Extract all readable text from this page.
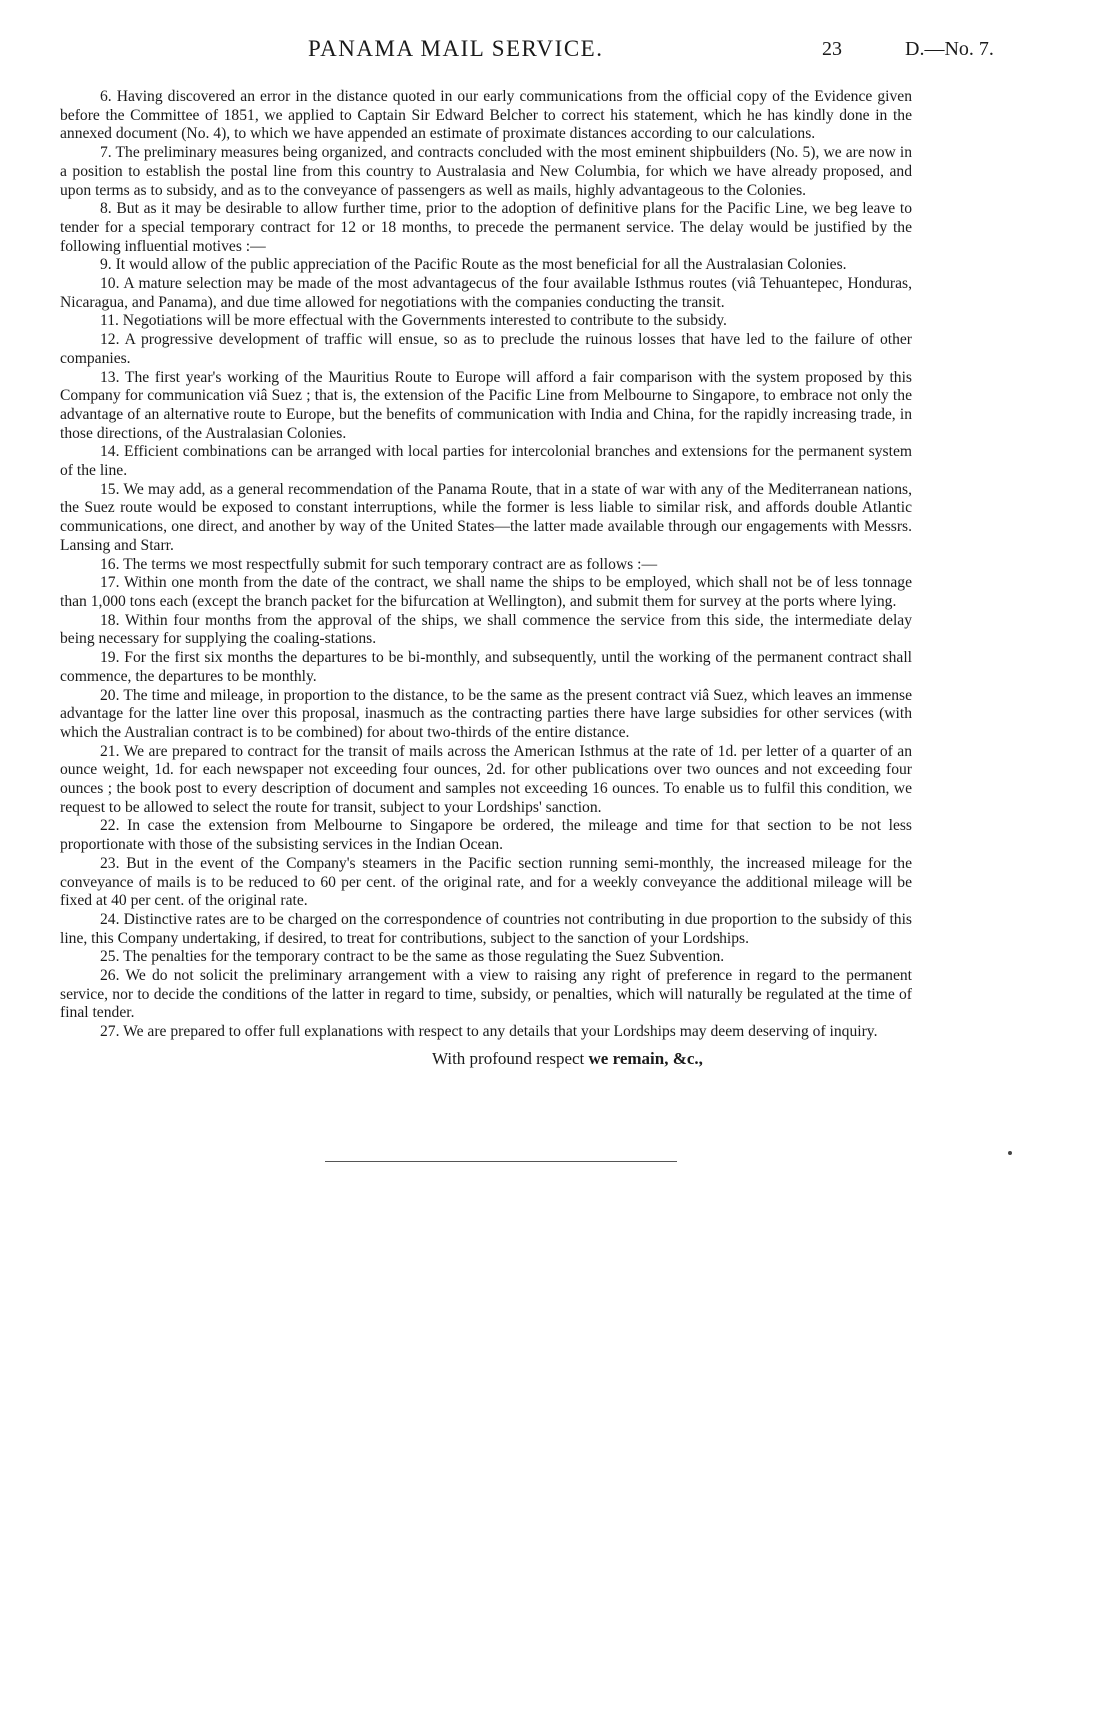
PANAMA MAIL SERVICE.	23

6. Having discovered an error in the distance quoted in our early communications from the official copy of the Evidence given before the Committee of 1851, we applied to Captain Sir Edward Belcher to correct his statement, which he has kindly done in the annexed document (No. 4), to which we have appended an estimate of proximate distances according to our calculations.

7. The preliminary measures being organized, and contracts concluded with the most eminent shipbuilders (No. 5), we are now in a position to establish the postal line from this country to Australasia and New Columbia, for which we have already proposed, and upon terms as to subsidy, and as to the conveyance of passengers as well as mails, highly advantageous to the Colonies.

8. But as it may be desirable to allow further time, prior to the adoption of definitive plans for the Pacific Line, we beg leave to tender for a special temporary contract for 12 or 18 months, to precede the permanent service. The delay would be justified by the following influential motives :—

9. It would allow of the public appreciation of the Pacific Route as the most beneficial for all the Australasian Colonies.

10. A mature selection may be made of the most advantagecus of the four available Isthmus routes (viâ Tehuantepec, Honduras, Nicaragua, and Panama), and due time allowed for negotiations with the companies conducting the transit.

11. Negotiations will be more effectual with the Governments interested to contribute to the subsidy.

12. A progressive development of traffic will ensue, so as to preclude the ruinous losses that have led to the failure of other companies.

13. The first year's working of the Mauritius Route to Europe will afford a fair comparison with the system proposed by this Company for communication viâ Suez ; that is, the extension of the Pacific Line from Melbourne to Singapore, to embrace not only the advantage of an alternative route to Europe, but the benefits of communication with India and China, for the rapidly increasing trade, in those directions, of the Australasian Colonies.

14. Efficient combinations can be arranged with local parties for intercolonial branches and extensions for the permanent system of the line.

15. We may add, as a general recommendation of the Panama Route, that in a state of war with any of the Mediterranean nations, the Suez route would be exposed to constant interruptions, while the former is less liable to similar risk, and affords double Atlantic communications, one direct, and another by way of the United States—the latter made available through our engagements with Messrs. Lansing and Starr.

16. The terms we most respectfully submit for such temporary contract are as follows :—

17. Within one month from the date of the contract, we shall name the ships to be employed, which shall not be of less tonnage than 1,000 tons each (except the branch packet for the bifurcation at Wellington), and submit them for survey at the ports where lying.

18. Within four months from the approval of the ships, we shall commence the service from this side, the intermediate delay being necessary for supplying the coaling-stations.

19. For the first six months the departures to be bi-monthly, and subsequently, until the working of the permanent contract shall commence, the departures to be monthly.

20. The time and mileage, in proportion to the distance, to be the same as the present contract viâ Suez, which leaves an immense advantage for the latter line over this proposal, inasmuch as the contracting parties there have large subsidies for other services (with which the Australian contract is to be combined) for about two-thirds of the entire distance.

21. We are prepared to contract for the transit of mails across the American Isthmus at the rate of 1d. per letter of a quarter of an ounce weight, 1d. for each newspaper not exceeding four ounces, 2d. for other publications over two ounces and not exceeding four ounces ; the book post to every description of document and samples not exceeding 16 ounces. To enable us to fulfil this condition, we request to be allowed to select the route for transit, subject to your Lordships' sanction.

22. In case the extension from Melbourne to Singapore be ordered, the mileage and time for that section to be not less proportionate with those of the subsisting services in the Indian Ocean.

23. But in the event of the Company's steamers in the Pacific section running semi-monthly, the increased mileage for the conveyance of mails is to be reduced to 60 per cent. of the original rate, and for a weekly conveyance the additional mileage will be fixed at 40 per cent. of the original rate.

24. Distinctive rates are to be charged on the correspondence of countries not contributing in due proportion to the subsidy of this line, this Company undertaking, if desired, to treat for contributions, subject to the sanction of your Lordships.

25. The penalties for the temporary contract to be the same as those regulating the Suez Subvention.

26. We do not solicit the preliminary arrangement with a view to raising any right of preference in regard to the permanent service, nor to decide the conditions of the latter in regard to time, subsidy, or penalties, which will naturally be regulated at the time of final tender.

27. We are prepared to offer full explanations with respect to any details that your Lordships may deem deserving of inquiry.

With profound respect we remain, &c.,
D.—No. 7.
